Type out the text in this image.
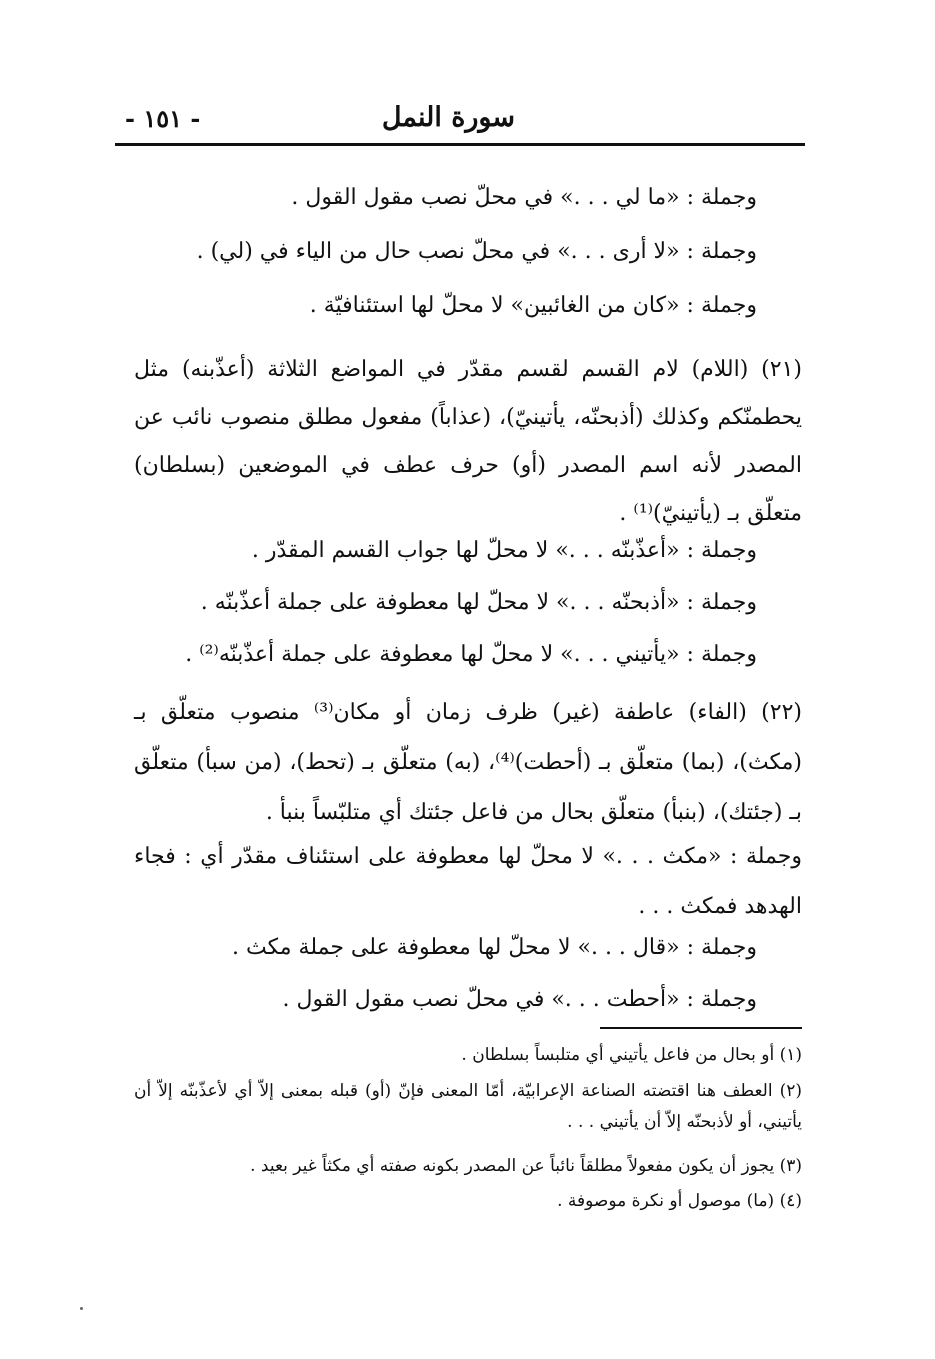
سورة النمل
- ١٥١ -
وجملة : «ما لي . . .» في محلّ نصب مقول القول .
وجملة : «لا أرى . . .» في محلّ نصب حال من الياء في (لي) .
وجملة : «كان من الغائبين» لا محلّ لها استئنافيّة .
(٢١) (اللام) لام القسم لقسم مقدّر في المواضع الثلاثة (أعذّبنه) مثل يحطمنّكم وكذلك (أذبحنّه، يأتينيّ)، (عذاباً) مفعول مطلق منصوب نائب عن المصدر لأنه اسم المصدر (أو) حرف عطف في الموضعين (بسلطان) متعلّق بـ (يأتينيّ)⁽¹⁾ .
وجملة : «أعذّبنّه . . .» لا محلّ لها جواب القسم المقدّر .
وجملة : «أذبحنّه . . .» لا محلّ لها معطوفة على جملة أعذّبنّه .
وجملة : «يأتيني . . .» لا محلّ لها معطوفة على جملة أعذّبنّه⁽²⁾ .
(٢٢) (الفاء) عاطفة (غير) ظرف زمان أو مكان⁽³⁾ منصوب متعلّق بـ (مكث)، (بما) متعلّق بـ (أحطت)⁽⁴⁾، (به) متعلّق بـ (تحط)، (من سبأ) متعلّق بـ (جئتك)، (بنبأ) متعلّق بحال من فاعل جئتك أي متلبّساً بنبأ .
وجملة : «مكث . . .» لا محلّ لها معطوفة على استئناف مقدّر أي : فجاء الهدهد فمكث . . .
وجملة : «قال . . .» لا محلّ لها معطوفة على جملة مكث .
وجملة : «أحطت . . .» في محلّ نصب مقول القول .
(١) أو بحال من فاعل يأتيني أي متلبساً بسلطان .
(٢) العطف هنا اقتضته الصناعة الإعرابيّة، أمّا المعنى فإنّ (أو) قبله بمعنى إلاّ أي لأعذّبنّه إلاّ أن يأتيني، أو لأذبحنّه إلاّ أن يأتيني . . .
(٣) يجوز أن يكون مفعولاً مطلقاً نائباً عن المصدر بكونه صفته أي مكثاً غير بعيد .
(٤) (ما) موصول أو نكرة موصوفة .
